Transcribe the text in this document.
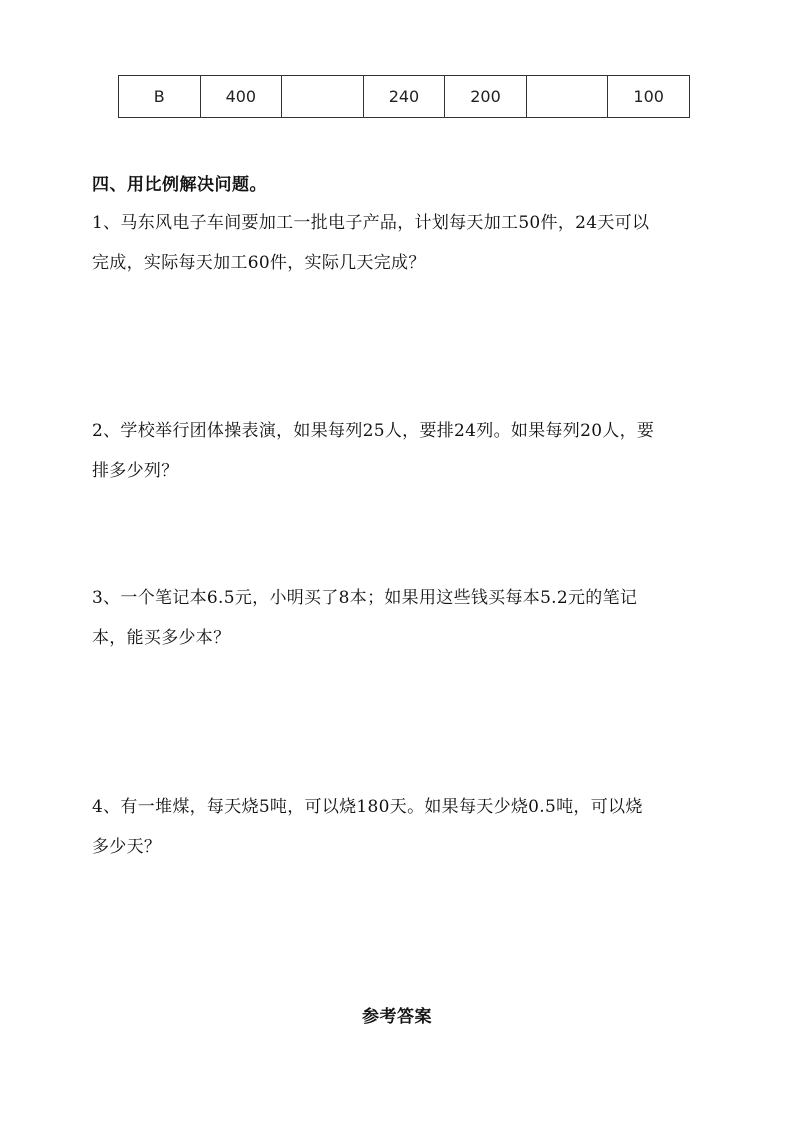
B	400		240	200		100
四、用比例解决问题。
1、马东风电子车间要加工一批电子产品，计划每天加工50件，24天可以
完成，实际每天加工60件，实际几天完成？
2、学校举行团体操表演，如果每列25人，要排24列。如果每列20人，要
排多少列？
3、一个笔记本6.5元，小明买了8本；如果用这些钱买每本5.2元的笔记
本，能买多少本？
4、有一堆煤，每天烧5吨，可以烧180天。如果每天少烧0.5吨，可以烧
多少天？
参考答案
